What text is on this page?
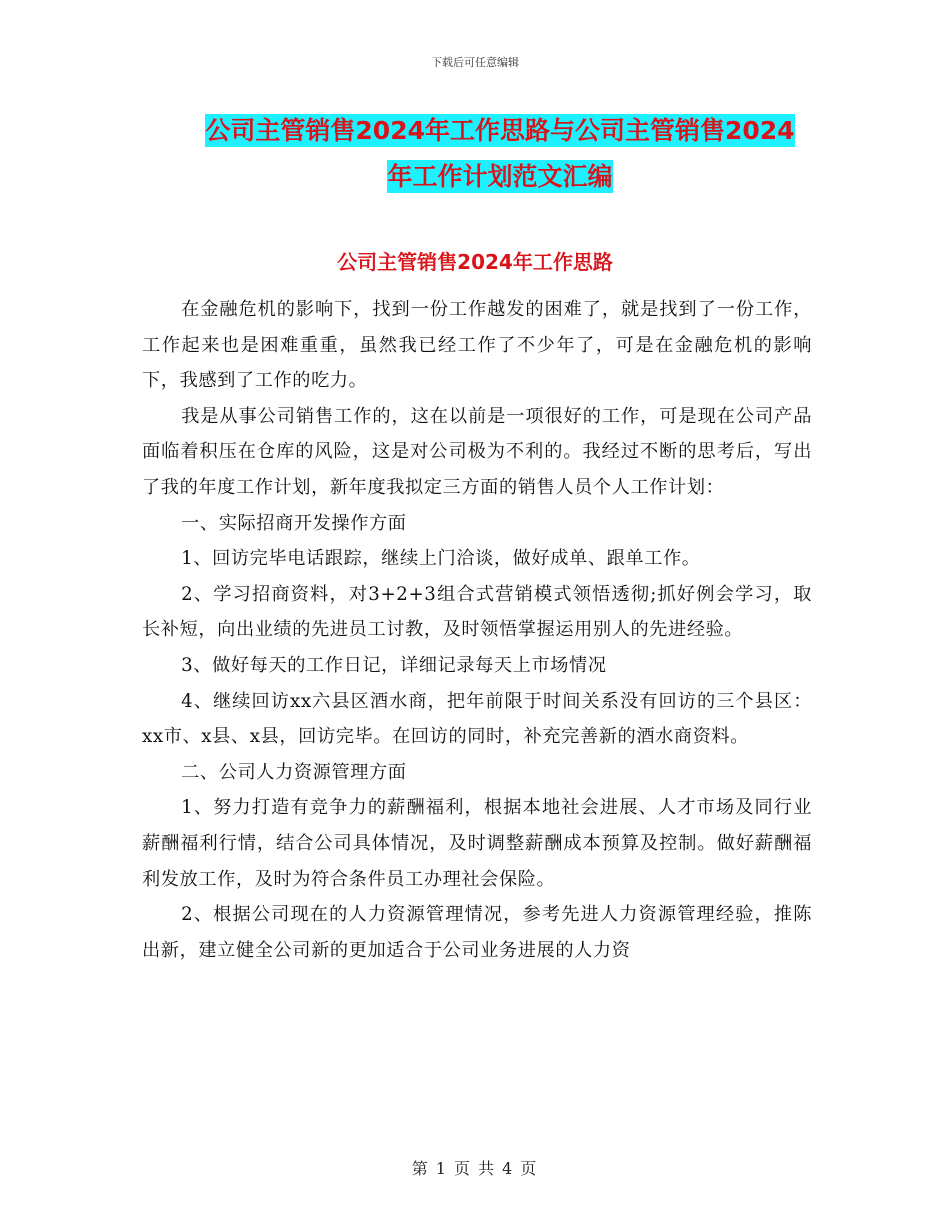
下载后可任意编辑
公司主管销售2024年工作思路与公司主管销售2024
年工作计划范文汇编
公司主管销售2024年工作思路

在金融危机的影响下，找到一份工作越发的困难了，就是找到了一份工作，工作起来也是困难重重，虽然我已经工作了不少年了，可是在金融危机的影响下，我感到了工作的吃力。

我是从事公司销售工作的，这在以前是一项很好的工作，可是现在公司产品面临着积压在仓库的风险，这是对公司极为不利的。我经过不断的思考后，写出了我的年度工作计划，新年度我拟定三方面的销售人员个人工作计划：

一、实际招商开发操作方面

1、回访完毕电话跟踪，继续上门洽谈，做好成单、跟单工作。

2、学习招商资料，对3+2+3组合式营销模式领悟透彻;抓好例会学习，取长补短，向出业绩的先进员工讨教，及时领悟掌握运用别人的先进经验。

3、做好每天的工作日记，详细记录每天上市场情况

4、继续回访xx六县区酒水商，把年前限于时间关系没有回访的三个县区：xx市、x县、x县，回访完毕。在回访的同时，补充完善新的酒水商资料。

二、公司人力资源管理方面

1、努力打造有竞争力的薪酬福利，根据本地社会进展、人才市场及同行业薪酬福利行情，结合公司具体情况，及时调整薪酬成本预算及控制。做好薪酬福利发放工作，及时为符合条件员工办理社会保险。

2、根据公司现在的人力资源管理情况，参考先进人力资源管理经验，推陈出新，建立健全公司新的更加适合于公司业务进展的人力资

第 1 页 共 4 页
